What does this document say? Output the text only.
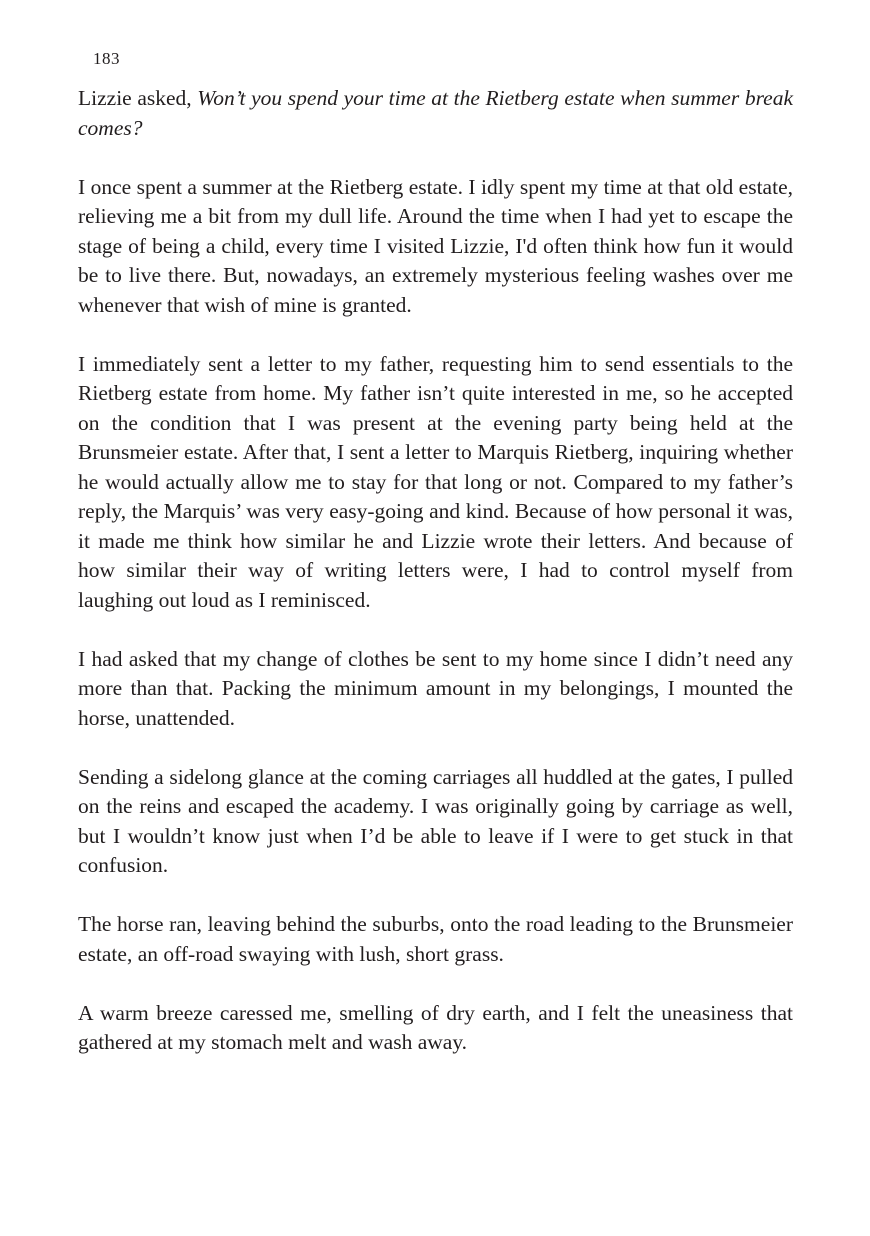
183

Lizzie asked, Won’t you spend your time at the Rietberg estate when summer break comes?

I once spent a summer at the Rietberg estate. I idly spent my time at that old estate, relieving me a bit from my dull life. Around the time when I had yet to escape the stage of being a child, every time I visited Lizzie, I'd often think how fun it would be to live there. But, nowadays, an extremely mysterious feeling washes over me whenever that wish of mine is granted.

I immediately sent a letter to my father, requesting him to send essentials to the Rietberg estate from home. My father isn’t quite interested in me, so he accepted on the condition that I was present at the evening party being held at the Brunsmeier estate. After that, I sent a letter to Marquis Rietberg, inquiring whether he would actually allow me to stay for that long or not. Compared to my father’s reply, the Marquis’ was very easy-going and kind. Because of how personal it was, it made me think how similar he and Lizzie wrote their letters. And because of how similar their way of writing letters were, I had to control myself from laughing out loud as I reminisced.

I had asked that my change of clothes be sent to my home since I didn’t need any more than that. Packing the minimum amount in my belongings, I mounted the horse, unattended.

Sending a sidelong glance at the coming carriages all huddled at the gates, I pulled on the reins and escaped the academy. I was originally going by carriage as well, but I wouldn’t know just when I’d be able to leave if I were to get stuck in that confusion.

The horse ran, leaving behind the suburbs, onto the road leading to the Brunsmeier estate, an off-road swaying with lush, short grass.

A warm breeze caressed me, smelling of dry earth, and I felt the uneasiness that gathered at my stomach melt and wash away.
